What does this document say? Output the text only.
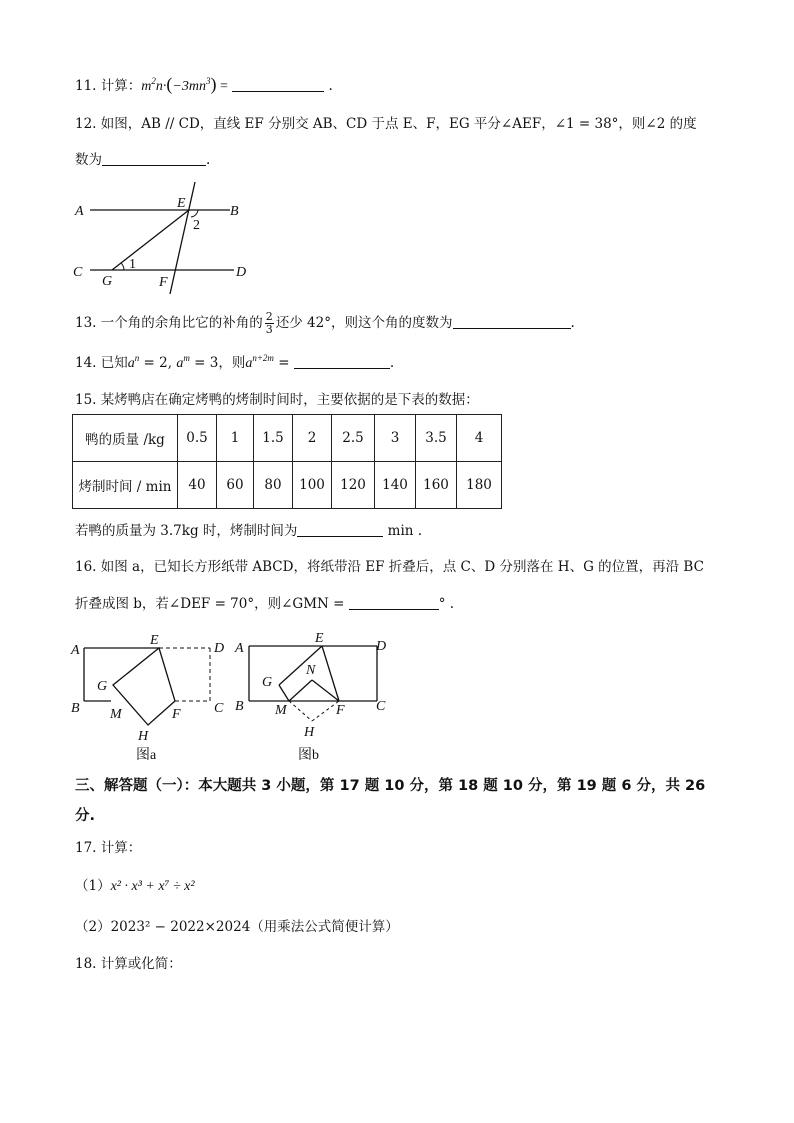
11. 计算：$m^2n\cdot(-3mn^3)$ =	.
12. 如图，AB // CD，直线 EF 分别交 AB、CD 于点 E、F，EG 平分∠AEF，∠1 = 38°，则∠2 的度
数为	.
A	B
C	D
E
F
G
1
2
13. 一个角的余角比它的补角的 $\frac{2}{3}$ 还少 42°，则这个角的度数为	.
14. 已知$a^n = 2$, $a^m = 3$，则$a^{n+2m}$ =	.
15. 某烤鸭店在确定烤鸭的烤制时间时，主要依据的是下表的数据：
鸭的质量 /kg	0.5	1	1.5	2	2.5	3	3.5	4
烤制时间 / min	40	60	80	100	120	140	160	180
若鸭的质量为 3.7kg 时，烤制时间为	min .
16. 如图 a，已知长方形纸带 ABCD，将纸带沿 EF 折叠后，点 C、D 分别落在 H、G 的位置，再沿 BC
折叠成图 b，若∠DEF = 70°，则∠GMN =	° .
A
B	C
D
E
F
G
H
M
图a
A
B	C
D
E
F
G
H
M
N
图b
三、解答题（一）：本大题共 3 小题，第 17 题 10 分，第 18 题 10 分，第 19 题 6 分，共 26
分.
17. 计算：
（1）x² · x³ + x⁷ ÷ x²
（2）2023² − 2022×2024（用乘法公式简便计算）
18. 计算或化简：
